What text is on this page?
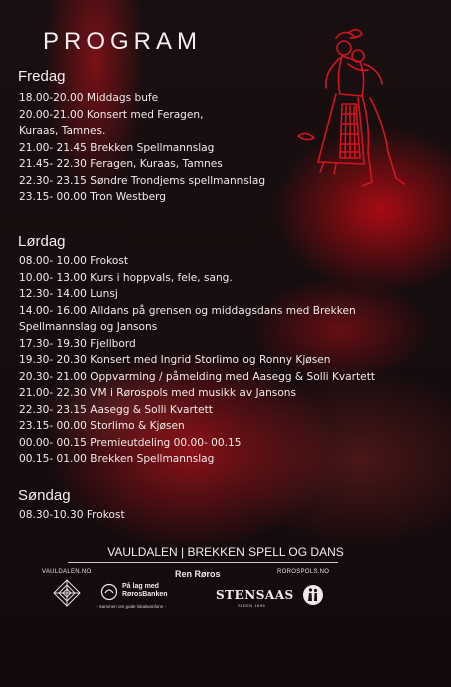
PROGRAM
Fredag
18.00-20.00 Middags bufe
20.00-21.00 Konsert med Feragen,
Kuraas, Tamnes.
21.00- 21.45 Brekken Spellmannslag
21.45- 22.30 Feragen, Kuraas, Tamnes
22.30- 23.15 Søndre Trondjems spellmannslag
23.15- 00.00 Tron Westberg
Lørdag
08.00- 10.00 Frokost
10.00- 13.00 Kurs i hoppvals, fele, sang.
12.30- 14.00 Lunsj
14.00- 16.00 Alldans på grensen og middagsdans med Brekken
Spellmannslag og Jansons
17.30- 19.30 Fjellbord
19.30- 20.30 Konsert med Ingrid Storlimo og Ronny Kjøsen
20.30- 21.00 Oppvarming / påmelding med Aasegg & Solli Kvartett
21.00- 22.30 VM i Rørospols med musikk av Jansons
22.30- 23.15 Aasegg & Solli Kvartett
23.15- 00.00 Storlimo & Kjøsen
00.00- 00.15 Premieutdeling 00.00- 00.15
00.15- 01.00 Brekken Spellmannslag
Søndag
08.30-10.30 Frokost
VAULDALEN | BREKKEN SPELL OG DANS
VAULDALEN.NO	ROROSPOLS.NO
På lag med
RørosBanken
- Sammen om gode lokalsamfunn -
Ren Røros
STENSAAS
SIDEN 1895
